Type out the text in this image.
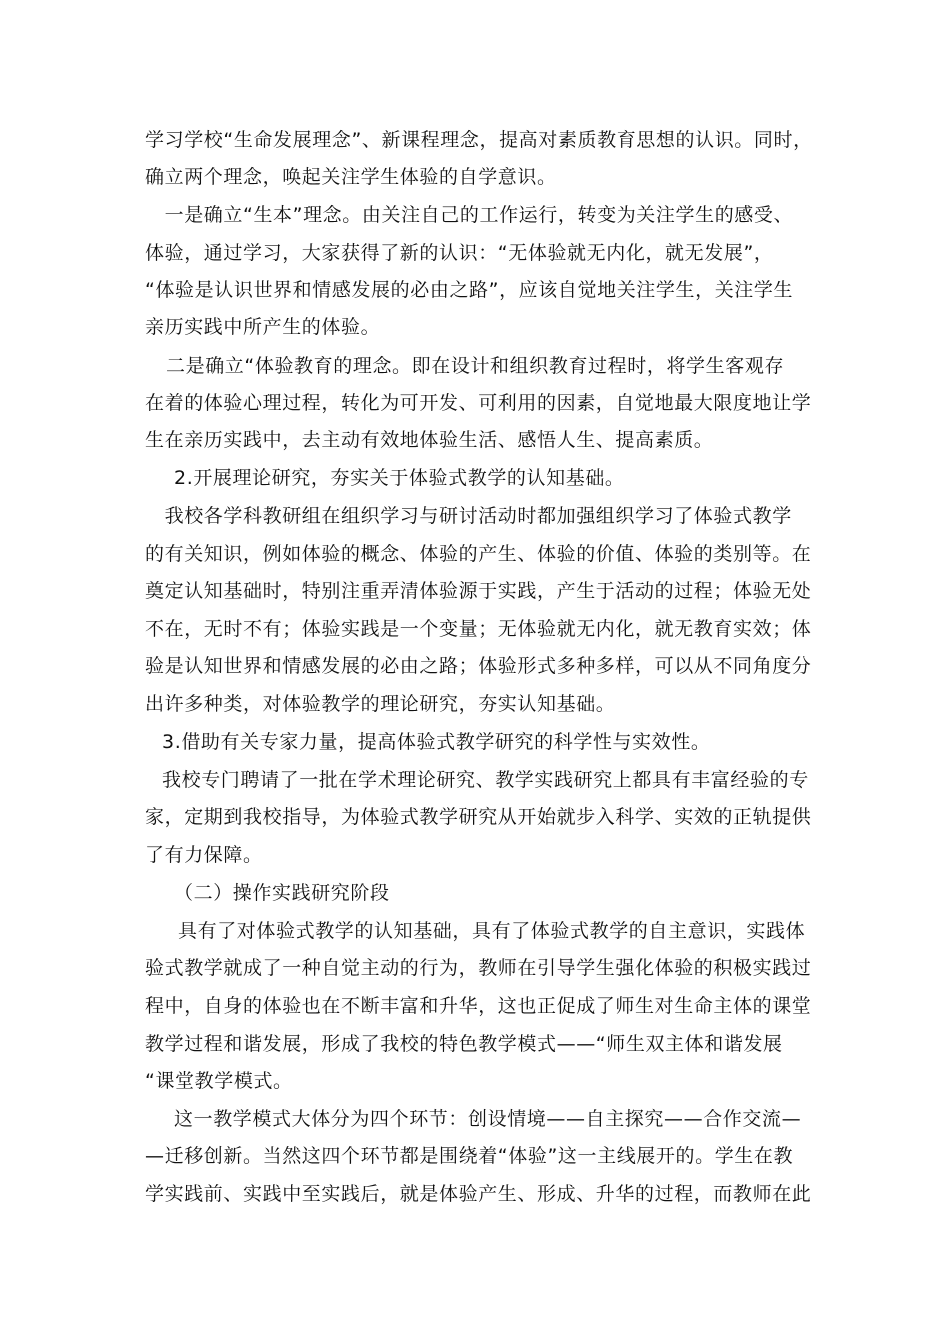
学习学校“生命发展理念”、新课程理念，提高对素质教育思想的认识。同时，
确立两个理念，唤起关注学生体验的自学意识。
　一是确立“生本”理念。由关注自己的工作运行，转变为关注学生的感受、
体验，通过学习，大家获得了新的认识：“无体验就无内化，就无发展”，
“体验是认识世界和情感发展的必由之路”，应该自觉地关注学生，关注学生
亲历实践中所产生的体验。
二是确立“体验教育的理念。即在设计和组织教育过程时，将学生客观存
在着的体验心理过程，转化为可开发、可利用的因素，自觉地最大限度地让学
生在亲历实践中，去主动有效地体验生活、感悟人生、提高素质。
2.开展理论研究，夯实关于体验式教学的认知基础。
　我校各学科教研组在组织学习与研讨活动时都加强组织学习了体验式教学
的有关知识，例如体验的概念、体验的产生、体验的价值、体验的类别等。在
奠定认知基础时，特别注重弄清体验源于实践，产生于活动的过程；体验无处
不在，无时不有；体验实践是一个变量；无体验就无内化，就无教育实效；体
验是认知世界和情感发展的必由之路；体验形式多种多样，可以从不同角度分
出许多种类，对体验教学的理论研究，夯实认知基础。
3.借助有关专家力量，提高体验式教学研究的科学性与实效性。
我校专门聘请了一批在学术理论研究、教学实践研究上都具有丰富经验的专
家，定期到我校指导，为体验式教学研究从开始就步入科学、实效的正轨提供
了有力保障。
（二）操作实践研究阶段
具有了对体验式教学的认知基础，具有了体验式教学的自主意识，实践体
验式教学就成了一种自觉主动的行为，教师在引导学生强化体验的积极实践过
程中，自身的体验也在不断丰富和升华，这也正促成了师生对生命主体的课堂
教学过程和谐发展，形成了我校的特色教学模式——“师生双主体和谐发展
“课堂教学模式。
这一教学模式大体分为四个环节：创设情境——自主探究——合作交流—
—迁移创新。当然这四个环节都是围绕着“体验”这一主线展开的。学生在教
学实践前、实践中至实践后，就是体验产生、形成、升华的过程，而教师在此
